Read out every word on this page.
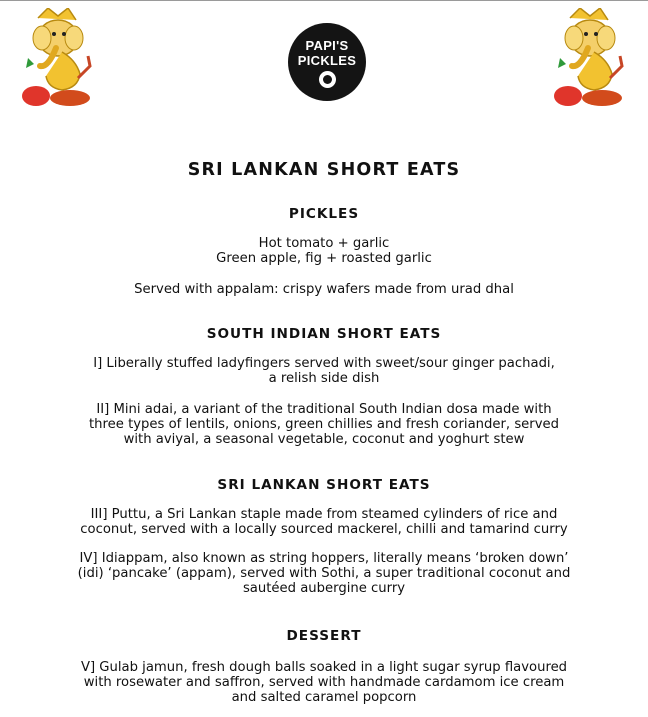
PAPI'S
PICKLES
SRI LANKAN SHORT EATS
PICKLES
Hot tomato + garlic
Green apple, fig + roasted garlic
Served with appalam: crispy wafers made from urad dhal
SOUTH INDIAN SHORT EATS
I] Liberally stuffed ladyfingers served with sweet/sour ginger pachadi,
a relish side dish
II] Mini adai, a variant of the traditional South Indian dosa made with
three types of lentils, onions, green chillies and fresh coriander, served
with aviyal, a seasonal vegetable, coconut and yoghurt stew
SRI LANKAN SHORT EATS
III] Puttu, a Sri Lankan staple made from steamed cylinders of rice and
coconut, served with a locally sourced mackerel, chilli and tamarind curry
IV] Idiappam, also known as string hoppers, literally means ‘broken down’
(idi) ‘pancake’ (appam), served with Sothi, a super traditional coconut and
sautéed aubergine curry
DESSERT
V] Gulab jamun, fresh dough balls soaked in a light sugar syrup flavoured
with rosewater and saffron, served with handmade cardamom ice cream
and salted caramel popcorn
